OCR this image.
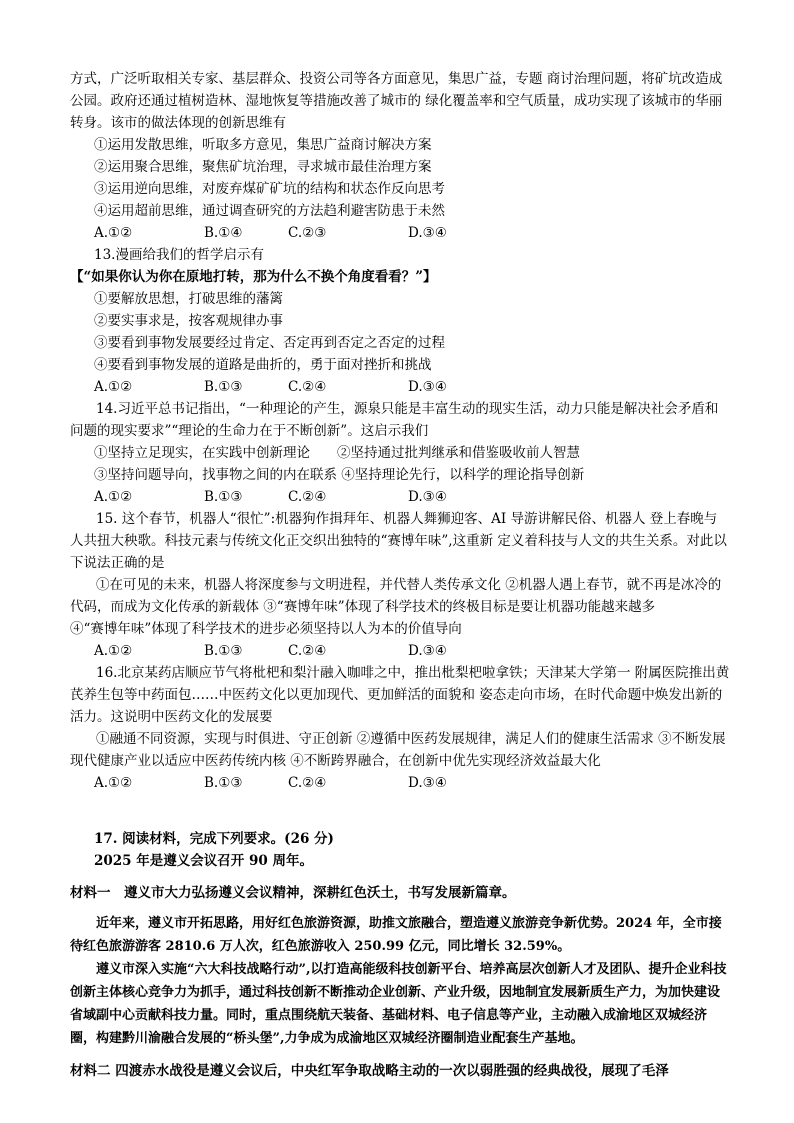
方式，广泛听取相关专家、基层群众、投资公司等各方面意见，集思广益，专题 商讨治理问题，将矿坑改造成公园。政府还通过植树造林、湿地恢复等措施改善了城市的 绿化覆盖率和空气质量，成功实现了该城市的华丽转身。该市的做法体现的创新思维有

①运用发散思维，听取多方意见，集思广益商讨解决方案

②运用聚合思维，聚焦矿坑治理，寻求城市最佳治理方案

③运用逆向思维，对废弃煤矿矿坑的结构和状态作反向思考

④运用超前思维，通过调查研究的方法趋利避害防患于未然

A.①②	B.①④	C.②③	D.③④

13.漫画给我们的哲学启示有

【“如果你认为你在原地打转，那为什么不换个角度看看？”】

①要解放思想，打破思维的藩篱

②要实事求是，按客观规律办事

③要看到事物发展要经过肯定、否定再到否定之否定的过程

④要看到事物发展的道路是曲折的，勇于面对挫折和挑战

A.①②	B.①③	C.②④	D.③④

14.习近平总书记指出，“一种理论的产生，源泉只能是丰富生动的现实生活，动力只能是解决社会矛盾和问题的现实要求”“理论的生命力在于不断创新”。这启示我们

①坚持立足现实，在实践中创新理论　　②坚持通过批判继承和借鉴吸收前人智慧

③坚持问题导向，找事物之间的内在联系 ④坚持理论先行，以科学的理论指导创新

A.①②	B.①③	C.②④	D.③④

15. 这个春节，机器人“很忙”:机器狗作揖拜年、机器人舞狮迎客、AI 导游讲解民俗、机器人 登上春晚与人共扭大秧歌。科技元素与传统文化正交织出独特的“赛博年味”,这重新 定义着科技与人文的共生关系。对此以下说法正确的是

①在可见的未来，机器人将深度参与文明进程，并代替人类传承文化 ②机器人遇上春节，就不再是冰冷的代码，而成为文化传承的新载体 ③“赛博年味”体现了科学技术的终极目标是要让机器功能越来越多

④“赛博年味”体现了科学技术的进步必须坚持以人为本的价值导向

A.①②	B.①③	C.②④	D.③④

16.北京某药店顺应节气将枇杷和梨汁融入咖啡之中，推出枇梨杷啦拿铁；天津某大学第一 附属医院推出黄芪养生包等中药面包……中医药文化以更加现代、更加鲜活的面貌和 姿态走向市场，在时代命题中焕发出新的活力。这说明中医药文化的发展要

①融通不同资源，实现与时俱进、守正创新 ②遵循中医药发展规律，满足人们的健康生活需求 ③不断发展现代健康产业以适应中医药传统内核 ④不断跨界融合，在创新中优先实现经济效益最大化

A.①②	B.①③	C.②④	D.③④

17. 阅读材料，完成下列要求。(26 分)

2025 年是遵义会议召开 90 周年。

材料一　遵义市大力弘扬遵义会议精神，深耕红色沃土，书写发展新篇章。

近年来，遵义市开拓思路，用好红色旅游资源，助推文旅融合，塑造遵义旅游竞争新优势。2024 年，全市接待红色旅游游客 2810.6 万人次，红色旅游收入 250.99 亿元，同比增长 32.59%。

遵义市深入实施“六大科技战略行动”,以打造高能级科技创新平台、培养高层次创新人才及团队、提升企业科技创新主体核心竞争力为抓手，通过科技创新不断推动企业创新、产业升级，因地制宜发展新质生产力，为加快建设省域副中心贡献科技力量。同时，重点围绕航天装备、基础材料、电子信息等产业，主动融入成渝地区双城经济圈，构建黔川渝融合发展的“桥头堡”,力争成为成渝地区双城经济圈制造业配套生产基地。

材料二 四渡赤水战役是遵义会议后，中央红军争取战略主动的一次以弱胜强的经典战役，展现了毛泽
